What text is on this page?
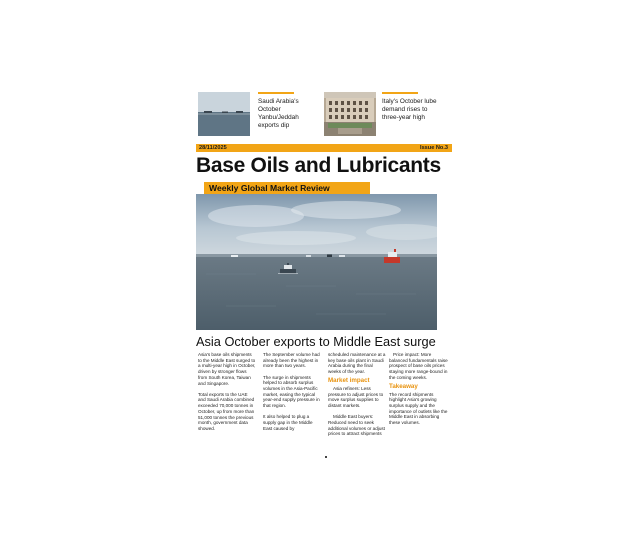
Saudi Arabia's
October
Yanbu/Jeddah
exports dip
Italy's October lube
demand rises to
three-year high
28/11/2025	Issue No.3
Base Oils and Lubricants
Weekly Global Market Review
Asia October exports to Middle East surge

Asia's base oils shipments to the Middle East surged to a multi-year high in October, driven by stronger flows from South Korea, Taiwan and Singapore.

Total exports to the UAE and Saudi Arabia combined exceeded 70,000 tonnes in October, up from more than 51,000 tonnes the previous month, government data showed.

The September volume had already been the highest in more than two years.

The surge in shipments helped to absorb surplus volumes in the Asia-Pacific market, easing the typical year-end supply pressure in that region.

It also helped to plug a supply gap in the Middle East caused by

scheduled maintenance at a key base oils plant in Saudi Arabia during the final weeks of the year.

Market impact

Asia refiners: Less pressure to adjust prices to move surplus supplies to distant markets.

Middle East buyers: Reduced need to seek additional volumes or adjust prices to attract shipments

Price impact: More balanced fundamentals raise prospect of base oils prices staying more range-bound in the coming weeks.

Takeaway

The record shipments highlight Asia's growing surplus supply and the importance of outlets like the Middle East in absorbing these volumes.
